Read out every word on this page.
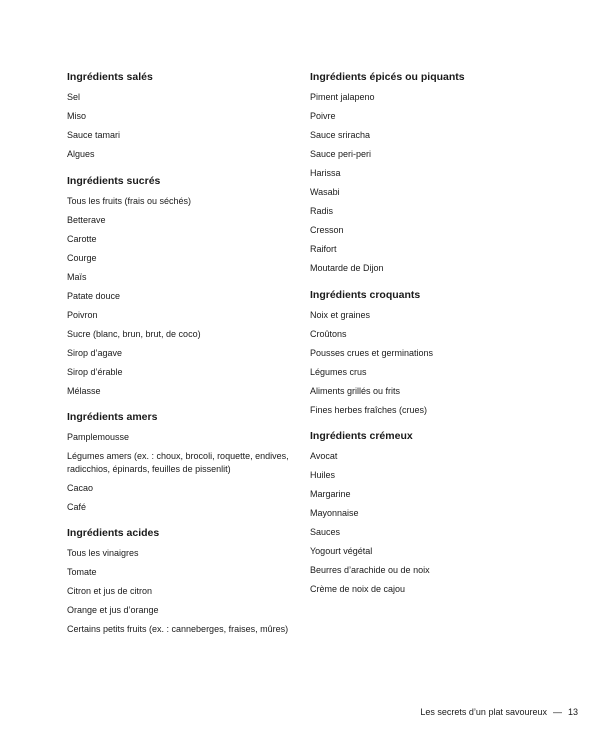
Ingrédients salés
Sel
Miso
Sauce tamari
Algues
Ingrédients sucrés
Tous les fruits (frais ou séchés)
Betterave
Carotte
Courge
Maïs
Patate douce
Poivron
Sucre (blanc, brun, brut, de coco)
Sirop d’agave
Sirop d’érable
Mélasse
Ingrédients amers
Pamplemousse
Légumes amers (ex. : choux, brocoli, roquette, endives, radicchios, épinards, feuilles de pissenlit)
Cacao
Café
Ingrédients acides
Tous les vinaigres
Tomate
Citron et jus de citron
Orange et jus d’orange
Certains petits fruits (ex. : canneberges, fraises, mûres)
Ingrédients épicés ou piquants
Piment jalapeno
Poivre
Sauce sriracha
Sauce peri-peri
Harissa
Wasabi
Radis
Cresson
Raifort
Moutarde de Dijon
Ingrédients croquants
Noix et graines
Croûtons
Pousses crues et germinations
Légumes crus
Aliments grillés ou frits
Fines herbes fraîches (crues)
Ingrédients crémeux
Avocat
Huiles
Margarine
Mayonnaise
Sauces
Yogourt végétal
Beurres d’arachide ou de noix
Crème de noix de cajou
Les secrets d’un plat savoureux — 13
